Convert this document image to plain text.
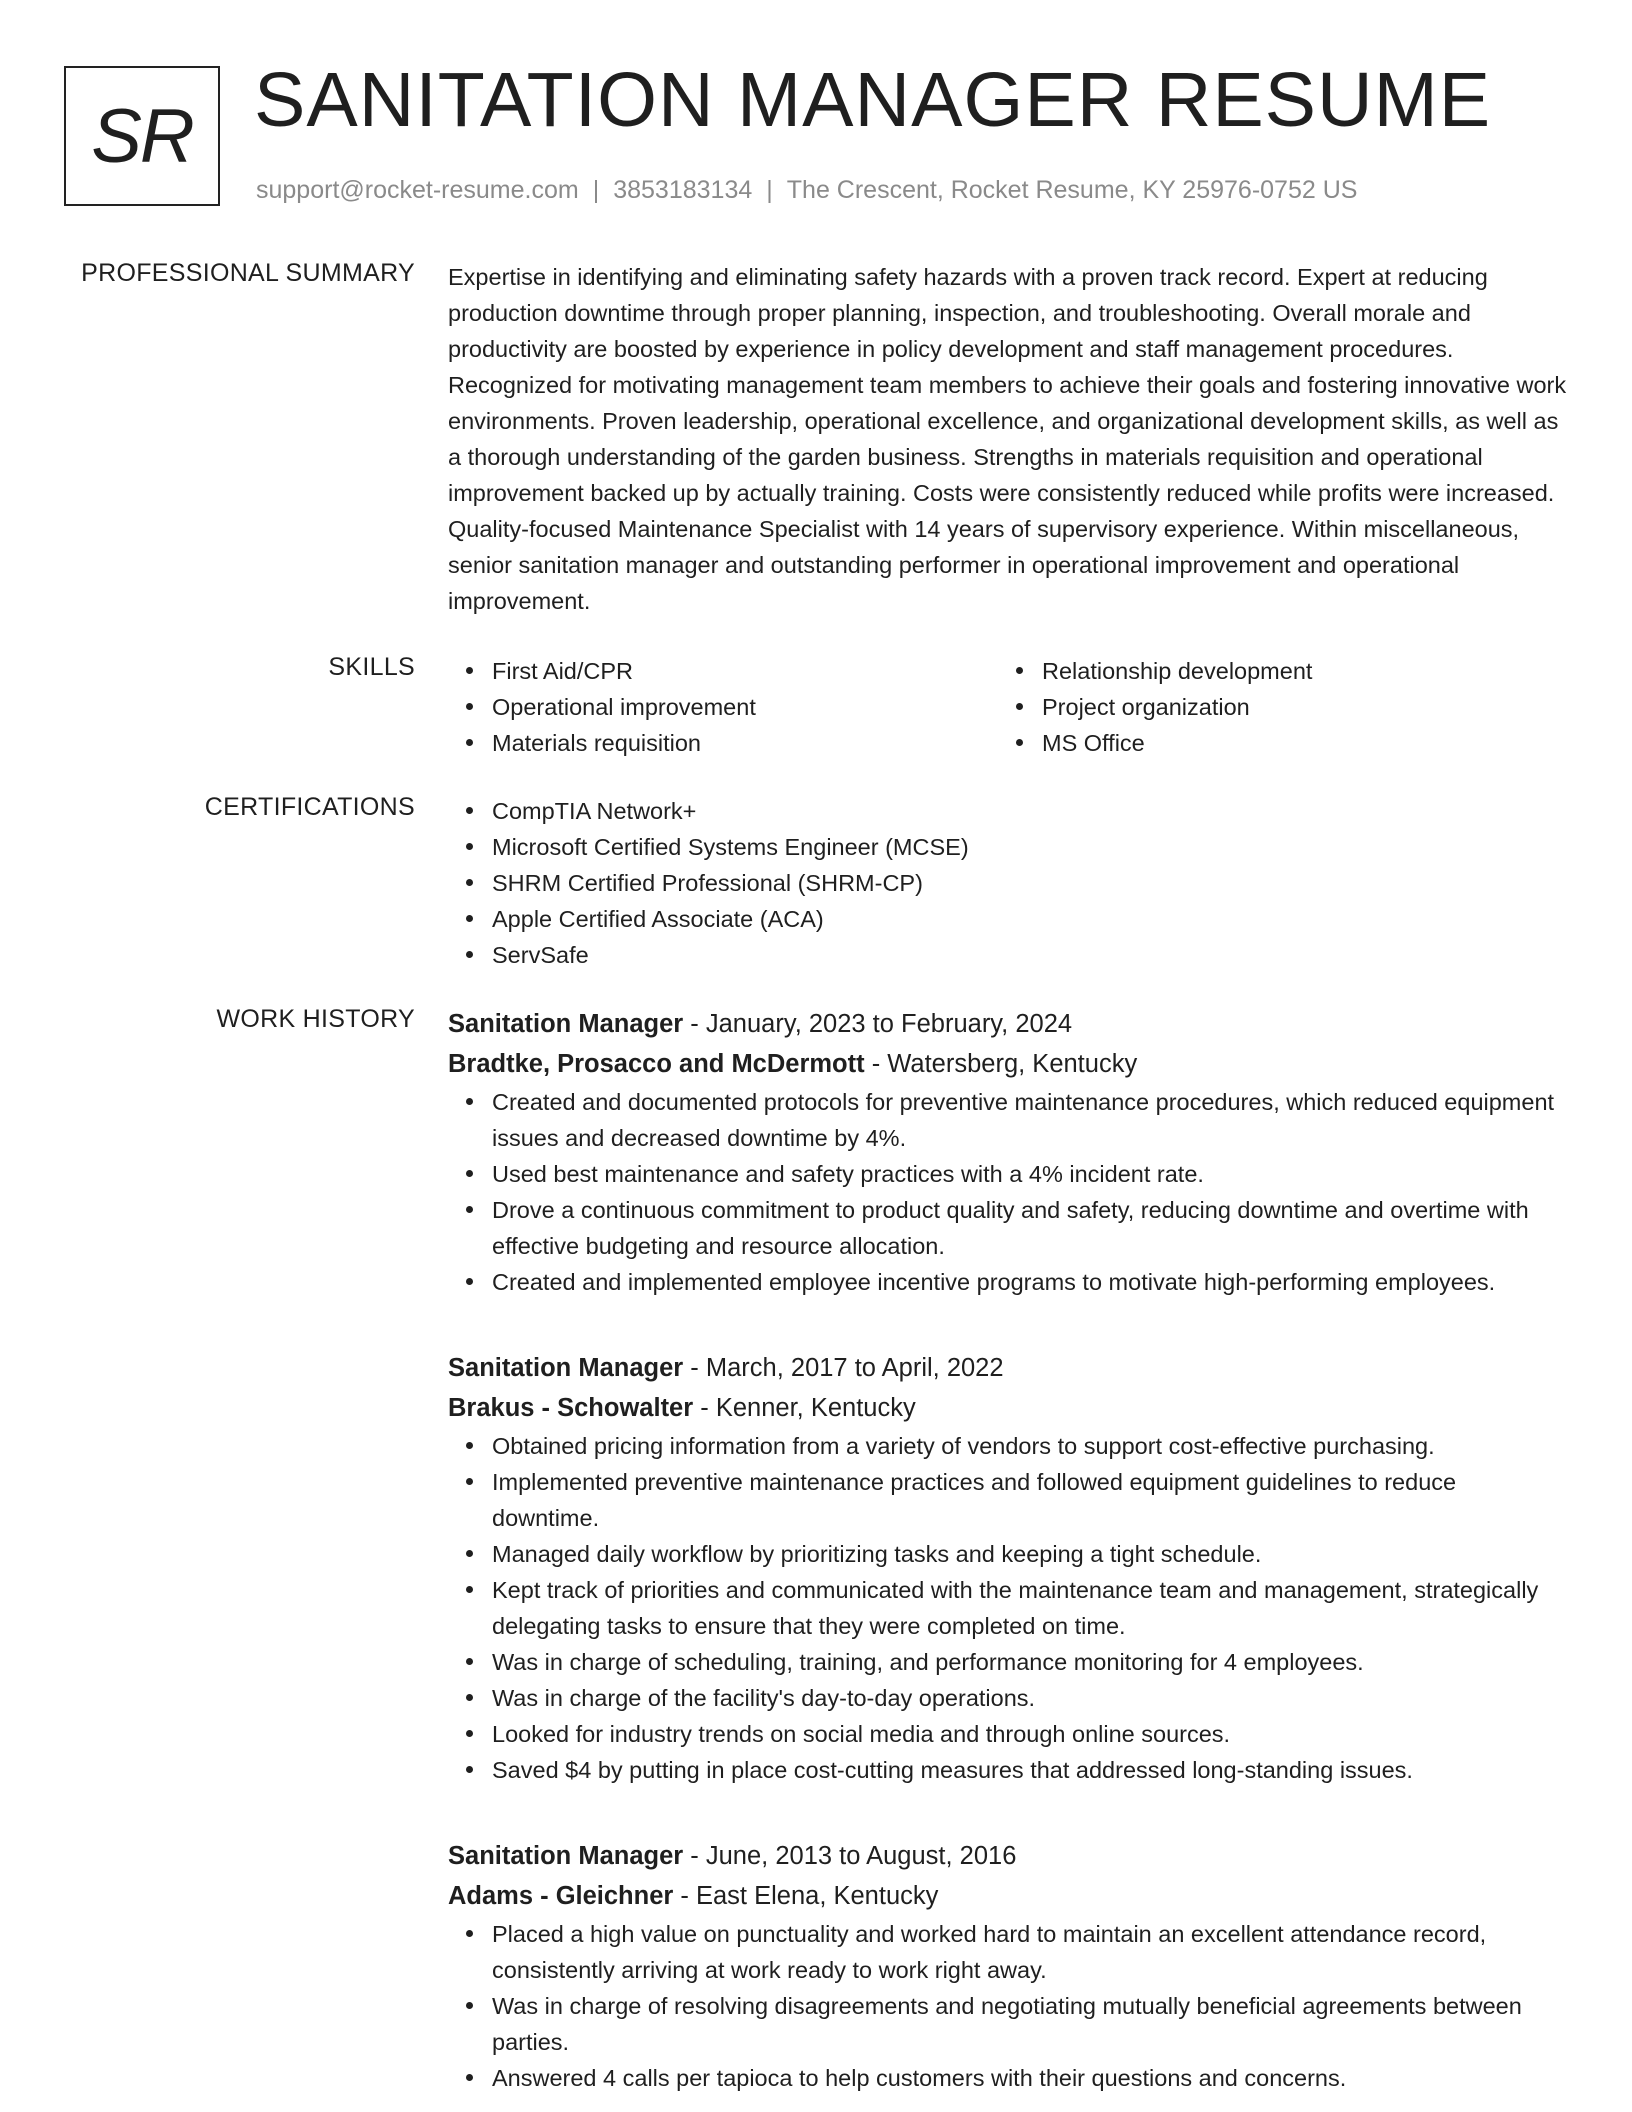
SR SANITATION MANAGER RESUME
support@rocket-resume.com | 3853183134 | The Crescent, Rocket Resume, KY 25976-0752 US
PROFESSIONAL SUMMARY Expertise in identifying and eliminating safety hazards with a proven track record. Expert at reducing production downtime through proper planning, inspection, and troubleshooting. Overall morale and productivity are boosted by experience in policy development and staff management procedures. Recognized for motivating management team members to achieve their goals and fostering innovative work environments. Proven leadership, operational excellence, and organizational development skills, as well as a thorough understanding of the garden business. Strengths in materials requisition and operational improvement backed up by actually training. Costs were consistently reduced while profits were increased. Quality-focused Maintenance Specialist with 14 years of supervisory experience. Within miscellaneous, senior sanitation manager and outstanding performer in operational improvement and operational improvement.

SKILLS	First Aid/CPR
Operational improvement
Materials requisition
Relationship development
Project organization
MS Office
CERTIFICATIONS	CompTIA Network+
Microsoft Certified Systems Engineer (MCSE)
SHRM Certified Professional (SHRM-CP)
Apple Certified Associate (ACA)
ServSafe
WORK HISTORY Sanitation Manager - January, 2023 to February, 2024
Bradtke, Prosacco and McDermott - Watersberg, Kentucky
Created and documented protocols for preventive maintenance procedures, which reduced equipment issues and decreased downtime by 4%.
Used best maintenance and safety practices with a 4% incident rate.
Drove a continuous commitment to product quality and safety, reducing downtime and overtime with effective budgeting and resource allocation.
Created and implemented employee incentive programs to motivate high-performing employees.
Sanitation Manager - March, 2017 to April, 2022
Brakus - Schowalter - Kenner, Kentucky
Obtained pricing information from a variety of vendors to support cost-effective purchasing.
Implemented preventive maintenance practices and followed equipment guidelines to reduce downtime.
Managed daily workflow by prioritizing tasks and keeping a tight schedule.
Kept track of priorities and communicated with the maintenance team and management, strategically delegating tasks to ensure that they were completed on time.
Was in charge of scheduling, training, and performance monitoring for 4 employees.
Was in charge of the facility's day-to-day operations.
Looked for industry trends on social media and through online sources.
Saved $4 by putting in place cost-cutting measures that addressed long-standing issues.
Sanitation Manager - June, 2013 to August, 2016
Adams - Gleichner - East Elena, Kentucky
Placed a high value on punctuality and worked hard to maintain an excellent attendance record, consistently arriving at work ready to work right away.
Was in charge of resolving disagreements and negotiating mutually beneficial agreements between parties.
Answered 4 calls per tapioca to help customers with their questions and concerns.
